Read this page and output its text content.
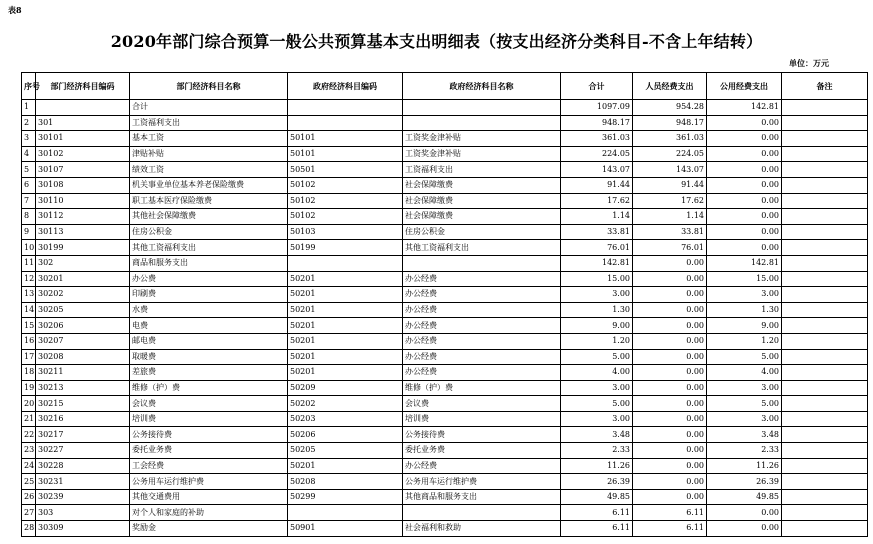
表8
2020年部门综合预算一般公共预算基本支出明细表（按支出经济分类科目-不含上年结转）
单位：万元
序号	部门经济科目编码	部门经济科目名称	政府经济科目编码	政府经济科目名称	合计	人员经费支出	公用经费支出	备注
1		合计			1097.09	954.28	142.81	
2	301	工资福利支出			948.17	948.17	0.00	
3	30101	基本工资	50101	工资奖金津补贴	361.03	361.03	0.00	
4	30102	津贴补贴	50101	工资奖金津补贴	224.05	224.05	0.00	
5	30107	绩效工资	50501	工资福利支出	143.07	143.07	0.00	
6	30108	机关事业单位基本养老保险缴费	50102	社会保障缴费	91.44	91.44	0.00	
7	30110	职工基本医疗保险缴费	50102	社会保障缴费	17.62	17.62	0.00	
8	30112	其他社会保障缴费	50102	社会保障缴费	1.14	1.14	0.00	
9	30113	住房公积金	50103	住房公积金	33.81	33.81	0.00	
10	30199	其他工资福利支出	50199	其他工资福利支出	76.01	76.01	0.00	
11	302	商品和服务支出			142.81	0.00	142.81	
12	30201	办公费	50201	办公经费	15.00	0.00	15.00	
13	30202	印刷费	50201	办公经费	3.00	0.00	3.00	
14	30205	水费	50201	办公经费	1.30	0.00	1.30	
15	30206	电费	50201	办公经费	9.00	0.00	9.00	
16	30207	邮电费	50201	办公经费	1.20	0.00	1.20	
17	30208	取暖费	50201	办公经费	5.00	0.00	5.00	
18	30211	差旅费	50201	办公经费	4.00	0.00	4.00	
19	30213	维修（护）费	50209	维修（护）费	3.00	0.00	3.00	
20	30215	会议费	50202	会议费	5.00	0.00	5.00	
21	30216	培训费	50203	培训费	3.00	0.00	3.00	
22	30217	公务接待费	50206	公务接待费	3.48	0.00	3.48	
23	30227	委托业务费	50205	委托业务费	2.33	0.00	2.33	
24	30228	工会经费	50201	办公经费	11.26	0.00	11.26	
25	30231	公务用车运行维护费	50208	公务用车运行维护费	26.39	0.00	26.39	
26	30239	其他交通费用	50299	其他商品和服务支出	49.85	0.00	49.85	
27	303	对个人和家庭的补助			6.11	6.11	0.00	
28	30309	奖励金	50901	社会福利和救助	6.11	6.11	0.00	
